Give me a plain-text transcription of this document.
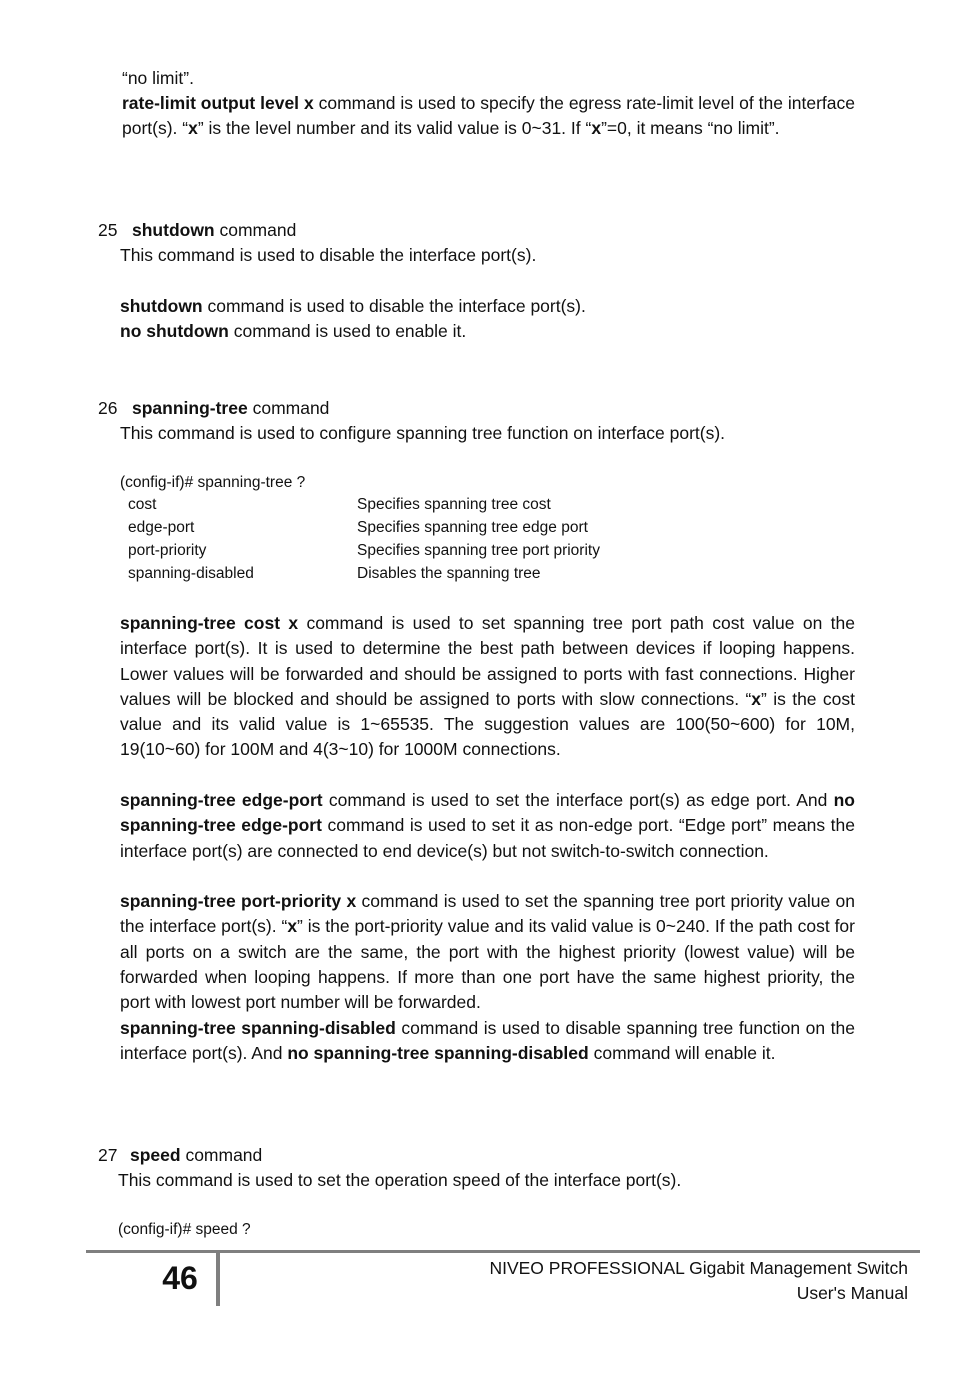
“no limit”.

rate-limit output level x command is used to specify the egress rate-limit level of the interface port(s). “x” is the level number and its valid value is 0~31. If “x”=0, it means “no limit”.

25 shutdown command

This command is used to disable the interface port(s).

shutdown command is used to disable the interface port(s).

no shutdown command is used to enable it.

26 spanning-tree command

This command is used to configure spanning tree function on interface port(s).

(config-if)# spanning-tree ?

cost	Specifies spanning tree cost
edge-port	Specifies spanning tree edge port
port-priority	Specifies spanning tree port priority
spanning-disabled	Disables the spanning tree

spanning-tree cost x command is used to set spanning tree port path cost value on the interface port(s). It is used to determine the best path between devices if looping happens. Lower values will be forwarded and should be assigned to ports with fast connections. Higher values will be blocked and should be assigned to ports with slow connections. “x” is the cost value and its valid value is 1~65535. The suggestion values are 100(50~600) for 10M, 19(10~60) for 100M and 4(3~10) for 1000M connections.

spanning-tree edge-port command is used to set the interface port(s) as edge port. And no spanning-tree edge-port command is used to set it as non-edge port. “Edge port” means the interface port(s) are connected to end device(s) but not switch-to-switch connection.

spanning-tree port-priority x command is used to set the spanning tree port priority value on the interface port(s). “x” is the port-priority value and its valid value is 0~240. If the path cost for all ports on a switch are the same, the port with the highest priority (lowest value) will be forwarded when looping happens. If more than one port have the same highest priority, the port with lowest port number will be forwarded.

spanning-tree spanning-disabled command is used to disable spanning tree function on the interface port(s). And no spanning-tree spanning-disabled command will enable it.

27 speed command

This command is used to set the operation speed of the interface port(s).

(config-if)# speed ?

46	NIVEO PROFESSIONAL Gigabit Management Switch
User's Manual
